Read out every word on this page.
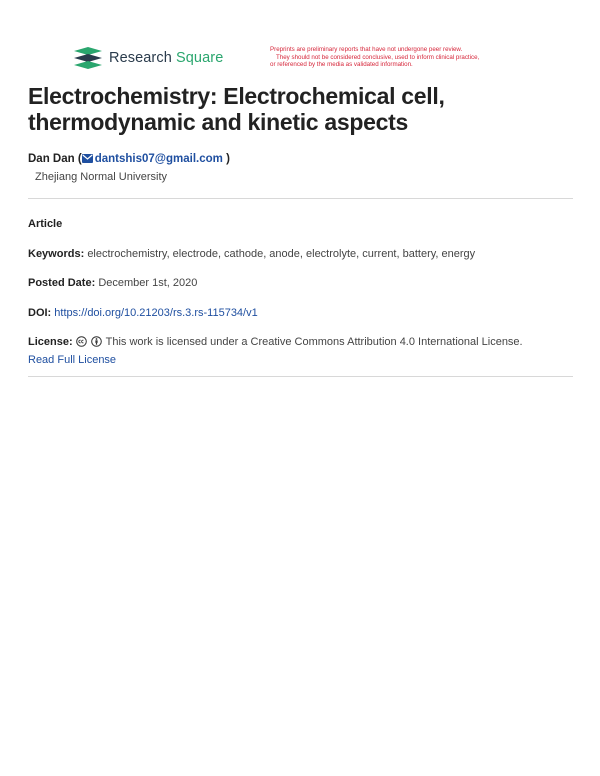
Research Square
Preprints are preliminary reports that have not undergone peer review.
They should not be considered conclusive, used to inform clinical practice,
or referenced by the media as validated information.
Electrochemistry: Electrochemical cell, thermodynamic and kinetic aspects
Dan Dan ( dantshis07@gmail.com )
Zhejiang Normal University
Article
Keywords: electrochemistry, electrode, cathode, anode, electrolyte, current, battery, energy
Posted Date: December 1st, 2020
DOI: https://doi.org/10.21203/rs.3.rs-115734/v1
License:	This work is licensed under a Creative Commons Attribution 4.0 International License.
Read Full License
